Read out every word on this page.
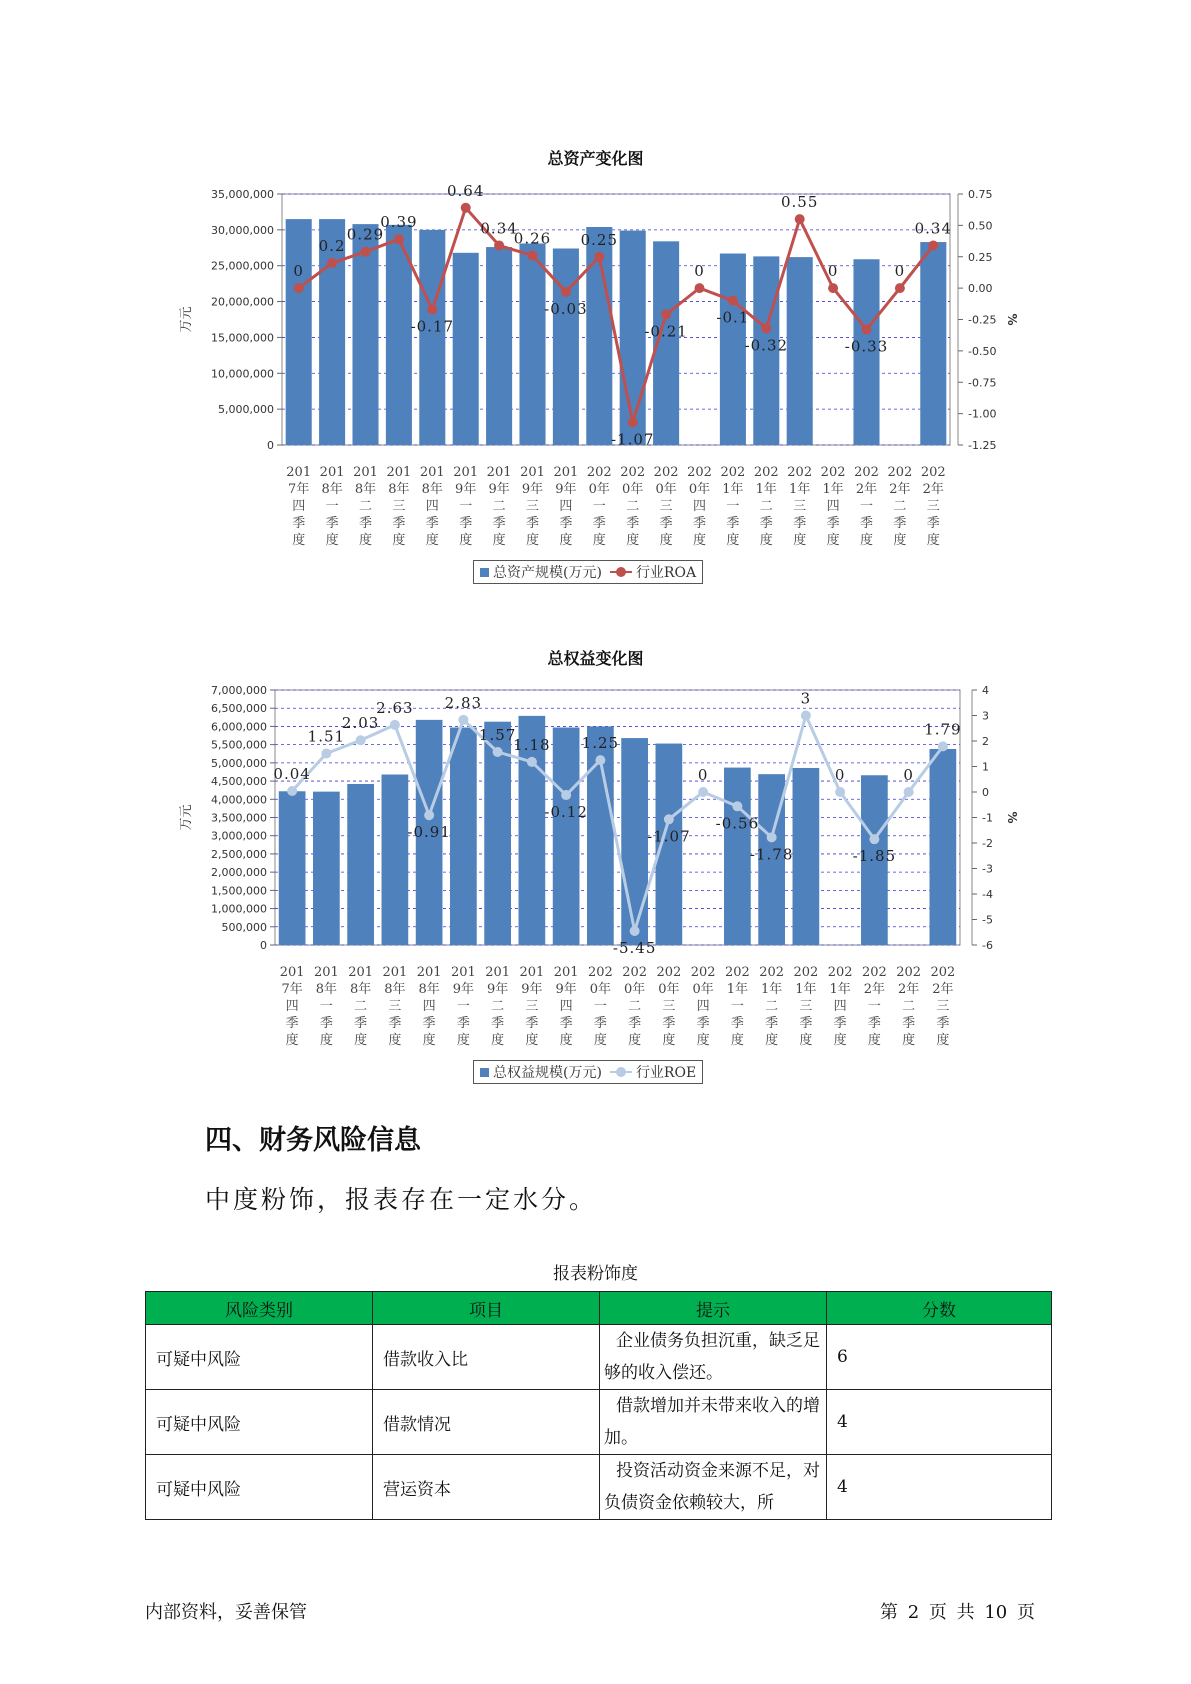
总资产变化图
35,000,000
30,000,000
25,000,000
20,000,000
15,000,000
10,000,000
5,000,000
0
0.75
0.50
0.25
0.00
-0.25
-0.50
-0.75
-1.00
-1.25
万元	%
0
0.2
0.29
0.39
-0.17
0.64
0.34
0.26
-0.03
0.25
-1.07
-0.21
0
-0.1
-0.32
0.55
0
-0.33
0
0.34
201
7年
四
季
度
201
8年
一
季
度
201
8年
二
季
度
201
8年
三
季
度
201
8年
四
季
度
201
9年
一
季
度
201
9年
二
季
度
201
9年
三
季
度
201
9年
四
季
度
202
0年
一
季
度
202
0年
二
季
度
202
0年
三
季
度
202
0年
四
季
度
202
1年
一
季
度
202
1年
二
季
度
202
1年
三
季
度
202
1年
四
季
度
202
2年
一
季
度
202
2年
二
季
度
202
2年
三
季
度
总资产规模(万元) 行业ROA
总权益变化图
7,000,000
6,500,000
6,000,000
5,500,000
5,000,000
4,500,000
4,000,000
3,500,000
3,000,000
2,500,000
2,000,000
1,500,000
1,000,000
500,000
0
4
3
2
1
0
-1
-2
-3
-4
-5
-6
万元	%
0.04
1.51
2.03
2.63
-0.91
2.83
1.57
1.18
-0.12
1.25
-5.45
-1.07
0
-0.56
-1.78
3
0
-1.85
0
1.79
201
7年
四
季
度
201
8年
一
季
度
201
8年
二
季
度
201
8年
三
季
度
201
8年
四
季
度
201
9年
一
季
度
201
9年
二
季
度
201
9年
三
季
度
201
9年
四
季
度
202
0年
一
季
度
202
0年
二
季
度
202
0年
三
季
度
202
0年
四
季
度
202
1年
一
季
度
202
1年
二
季
度
202
1年
三
季
度
202
1年
四
季
度
202
2年
一
季
度
202
2年
二
季
度
202
2年
三
季
度
总权益规模(万元) 行业ROE
四、财务风险信息
中度粉饰，报表存在一定水分。
报表粉饰度
风险类别	项目	提示	分数
可疑中风险	借款收入比	企业债务负担沉重，缺乏足够的收入偿还。	6
可疑中风险	借款情况	借款增加并未带来收入的增加。	4
可疑中风险	营运资本	投资活动资金来源不足，对负债资金依赖较大，所	4
内部资料，妥善保管	第 2 页 共 10 页
